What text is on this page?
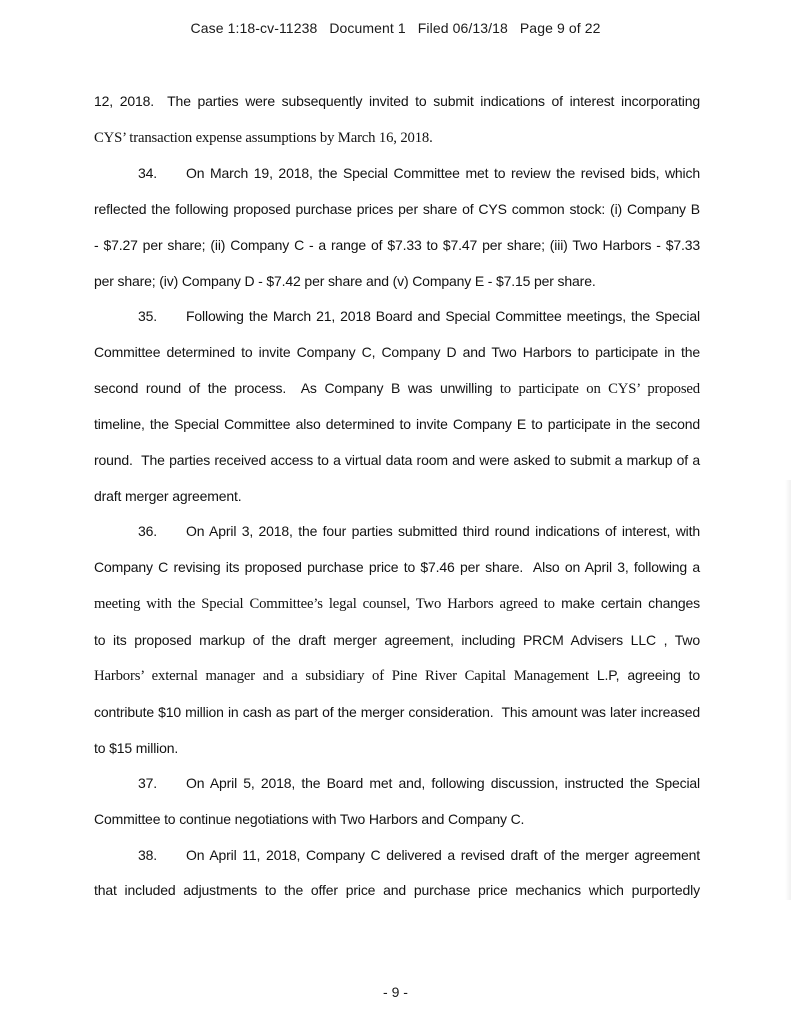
Case 1:18-cv-11238   Document 1   Filed 06/13/18   Page 9 of 22
12, 2018.  The parties were subsequently invited to submit indications of interest incorporating
CYS’ transaction expense assumptions by March 16, 2018.
34. On March 19, 2018, the Special Committee met to review the revised bids, which
reflected the following proposed purchase prices per share of CYS common stock: (i) Company B
- $7.27 per share; (ii) Company C - a range of $7.33 to $7.47 per share; (iii) Two Harbors - $7.33
per share; (iv) Company D - $7.42 per share and (v) Company E - $7.15 per share.
35. Following the March 21, 2018 Board and Special Committee meetings, the Special
Committee determined to invite Company C, Company D and Two Harbors to participate in the
second round of the process.  As Company B was unwilling to participate on CYS’ proposed
timeline, the Special Committee also determined to invite Company E to participate in the second
round.  The parties received access to a virtual data room and were asked to submit a markup of a
draft merger agreement.
36. On April 3, 2018, the four parties submitted third round indications of interest, with
Company C revising its proposed purchase price to $7.46 per share.  Also on April 3, following a
meeting with the Special Committee’s legal counsel, Two Harbors agreed to make certain changes
to its proposed markup of the draft merger agreement, including PRCM Advisers LLC , Two
Harbors’ external manager and a subsidiary of Pine River Capital Management L.P, agreeing to
contribute $10 million in cash as part of the merger consideration.  This amount was later increased
to $15 million.
37. On April 5, 2018, the Board met and, following discussion, instructed the Special
Committee to continue negotiations with Two Harbors and Company C.
38. On April 11, 2018, Company C delivered a revised draft of the merger agreement
that included adjustments to the offer price and purchase price mechanics which purportedly
- 9 -
